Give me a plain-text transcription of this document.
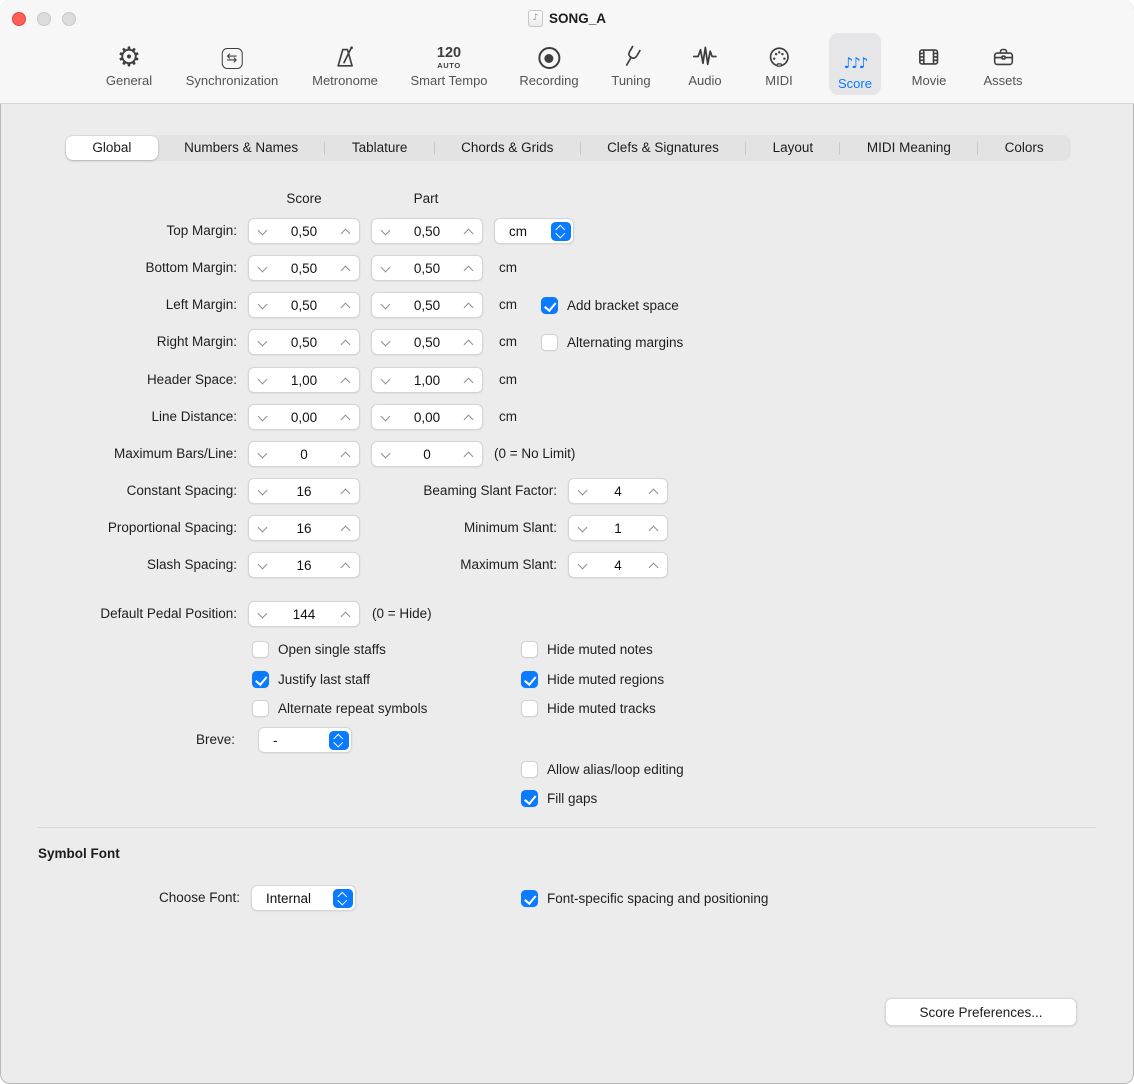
♪ SONG_A
⚙
General
⇆
Synchronization	Metronome
120
AUTO
Smart Tempo Recording	Tuning	Audio	MIDI
♪♪♪
Score	Movie	Assets
Global	Numbers & Names	Tablature	Chords & Grids	Clefs & Signatures	Layout	MIDI Meaning	Colors
Score	Part
Top Margin:	0,50	0,50	cm
Bottom Margin:	0,50	0,50	cm
Left Margin:	0,50	0,50	cm	Add bracket space
Right Margin:	0,50	0,50	cm	Alternating margins
Header Space:	1,00	1,00	cm
Line Distance:	0,00	0,00	cm
Maximum Bars/Line:	0	0	(0 = No Limit)
Constant Spacing:	16	Beaming Slant Factor:	4
Proportional Spacing:	16	Minimum Slant:	1
Slash Spacing:	16	Maximum Slant:	4
Default Pedal Position:	144	(0 = Hide)
Open single staffs
Justify last staff
Alternate repeat symbols
Hide muted notes
Hide muted regions
Hide muted tracks
Breve:	-
Allow alias/loop editing
Fill gaps
Symbol Font
Choose Font: Internal	Font-specific spacing and positioning
Score Preferences...
